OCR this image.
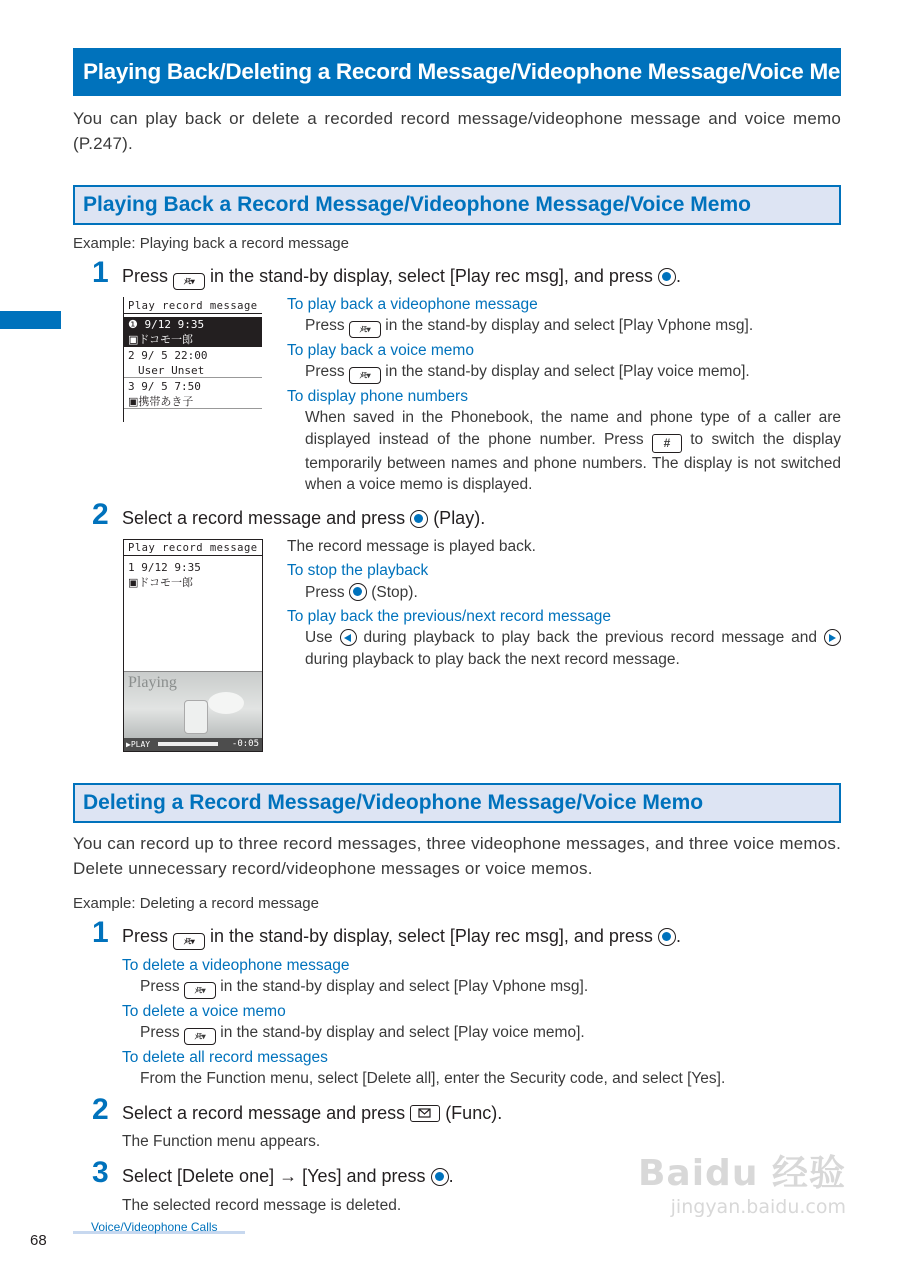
Playing Back/Deleting a Record Message/Videophone Message/Voice Memo
You can play back or delete a recorded record message/videophone message and voice memo (P.247).
Playing Back a Record Message/Videophone Message/Voice Memo
Example: Playing back a record message
1 Press ﾒﾓ▾ in the stand-by display, select [Play rec msg], and press .
Play record message
❶ 9/12 9:35
▣ドコモ一郎
2 9/ 5 22:00
User Unset
3 9/ 5 7:50
▣携帯あき子
To play back a videophone message
Press ﾒﾓ▾ in the stand-by display and select [Play Vphone msg].
To play back a voice memo
Press ﾒﾓ▾ in the stand-by display and select [Play voice memo].
To display phone numbers
When saved in the Phonebook, the name and phone type of a caller are displayed instead of the phone number. Press # to switch the display temporarily between names and phone numbers. The display is not switched when a voice memo is displayed.
2 Select a record message and press (Play).
Play record message
1 9/12 9:35
▣ドコモ一郎
Playing
▶PLAY	-0:05
The record message is played back.
To stop the playback
Press (Stop).
To play back the previous/next record message
Use during playback to play back the previous record message and
during playback to play back the next record message.
Deleting a Record Message/Videophone Message/Voice Memo
You can record up to three record messages, three videophone messages, and three voice memos. Delete unnecessary record/videophone messages or voice memos.
Example: Deleting a record message
1 Press ﾒﾓ▾ in the stand-by display, select [Play rec msg], and press .
To delete a videophone message
Press ﾒﾓ▾ in the stand-by display and select [Play Vphone msg].
To delete a voice memo
Press ﾒﾓ▾ in the stand-by display and select [Play voice memo].
To delete all record messages
From the Function menu, select [Delete all], enter the Security code, and select [Yes].
2 Select a record message and press (Func).
The Function menu appears.
3 Select [Delete one] → [Yes] and press .
The selected record message is deleted.
Voice/Videophone Calls
68
Baidu 经验
jingyan.baidu.com
